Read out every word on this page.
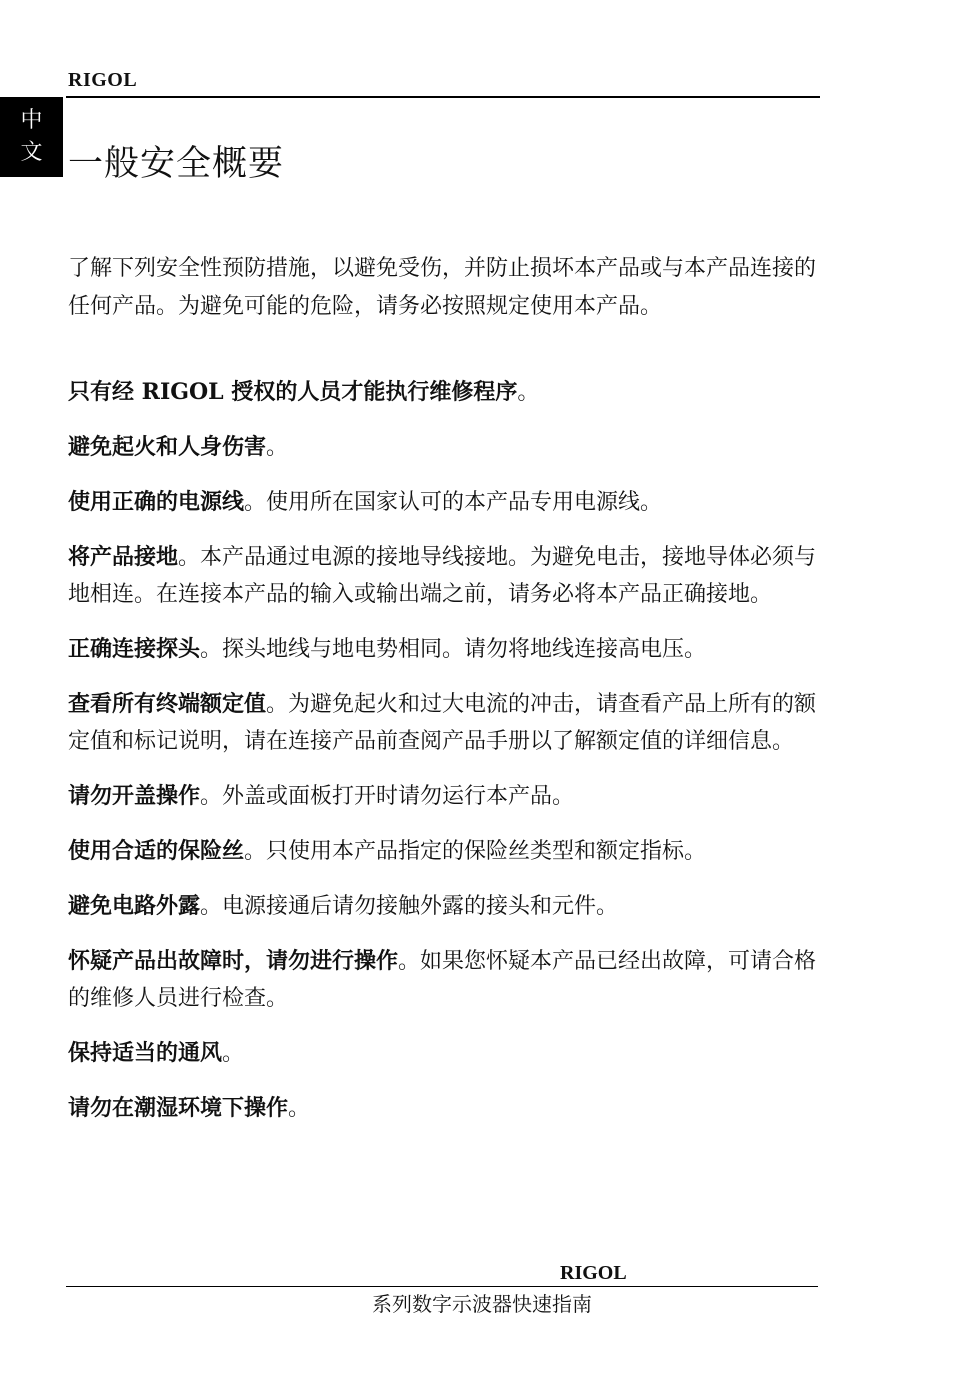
RIGOL
中
文 一般安全概要

了解下列安全性预防措施，以避免受伤，并防止损坏本产品或与本产品连接的任何产品。为避免可能的危险，请务必按照规定使用本产品。

只有经 RIGOL 授权的人员才能执行维修程序。

避免起火和人身伤害。

使用正确的电源线。使用所在国家认可的本产品专用电源线。

将产品接地。本产品通过电源的接地导线接地。为避免电击，接地导体必须与地相连。在连接本产品的输入或输出端之前，请务必将本产品正确接地。

正确连接探头。探头地线与地电势相同。请勿将地线连接高电压。

查看所有终端额定值。为避免起火和过大电流的冲击，请查看产品上所有的额定值和标记说明，请在连接产品前查阅产品手册以了解额定值的详细信息。

请勿开盖操作。外盖或面板打开时请勿运行本产品。

使用合适的保险丝。只使用本产品指定的保险丝类型和额定指标。

避免电路外露。电源接通后请勿接触外露的接头和元件。

怀疑产品出故障时，请勿进行操作。如果您怀疑本产品已经出故障，可请合格的维修人员进行检查。

保持适当的通风。

请勿在潮湿环境下操作。

RIGOL
系列数字示波器快速指南
